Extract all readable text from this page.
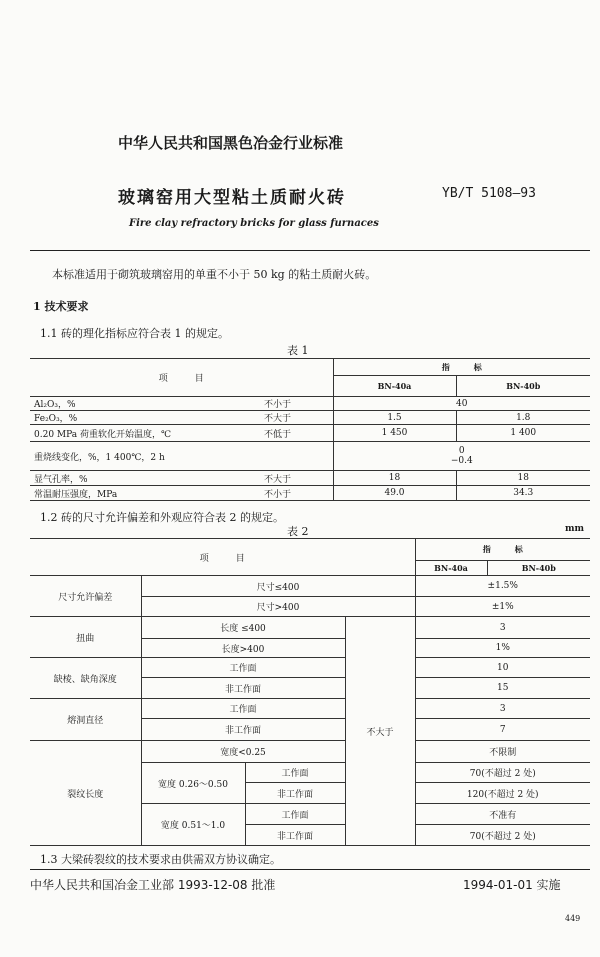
中华人民共和国黑色冶金行业标准
玻璃窑用大型粘土质耐火砖	YB/T 5108—93
Fire clay refractory bricks for glass furnaces
本标准适用于砌筑玻璃窑用的单重不小于 50 kg 的粘土质耐火砖。
1 技术要求
1.1 砖的理化指标应符合表 1 的规定。
表 1
项　　　目		指　　　标	
		BN-40a	BN-40b
Al₂O₃，%	不小于	40	
Fe₂O₃，%	不大于	1.5	1.8
0.20 MPa 荷重软化开始温度，℃	不低于	1 450	1 400
重烧线变化，%，1 400℃，2 h		0
−0.4	

显气孔率，%	不大于	18	18
常温耐压强度，MPa	不小于	49.0	34.3
1.2 砖的尺寸允许偏差和外观应符合表 2 的规定。
表 2	mm
项　　　目				指　　　标	
				BN-40a	BN-40b
尺寸允许偏差	尺寸≤400			±1.5%	
	尺寸>400			±1%	
扭曲	长度 ≤400		不大于	3	
	长度>400			1%	
缺棱、缺角深度	工作面			10	
	非工作面			15	
熔洞直径	工作面			3	
	非工作面			7	
裂纹长度	宽度<0.25			不限制	
	宽度 0.26～0.50	工作面		70(不超过 2 处)	
		非工作面		120(不超过 2 处)	
	宽度 0.51～1.0	工作面		不准有	
		非工作面		70(不超过 2 处)	
1.3 大梁砖裂纹的技术要求由供需双方协议确定。
中华人民共和国冶金工业部 1993-12-08 批准	1994-01-01 实施
449
